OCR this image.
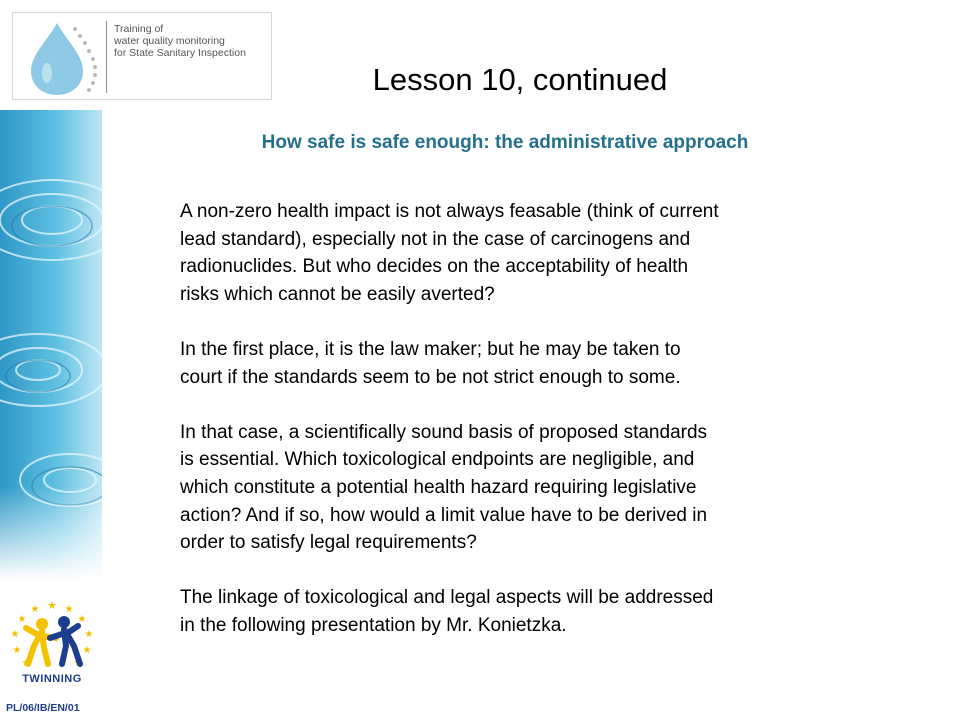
Training of
water quality monitoring
for State Sanitary Inspection
Lesson 10, continued
How safe is safe enough: the administrative approach
A non-zero health impact is not always feasable (think of current
lead standard), especially not in the case of carcinogens and
radionuclides. But who decides on the acceptability of health
risks which cannot be easily averted?
In the first place, it is the law maker; but he may be taken to
court if the standards seem to be not strict enough to some.
In that case, a scientifically sound basis of proposed standards
is essential. Which toxicological endpoints are negligible, and
which constitute a potential health hazard requiring legislative
action? And if so, how would a limit value have to be derived in
order to satisfy legal requirements?
The linkage of toxicological and legal aspects will be addressed
in the following presentation by Mr. Konietzka.
★
★	★
★	★
★	★
★	★
★	★
TWINNING
PL/06/IB/EN/01
